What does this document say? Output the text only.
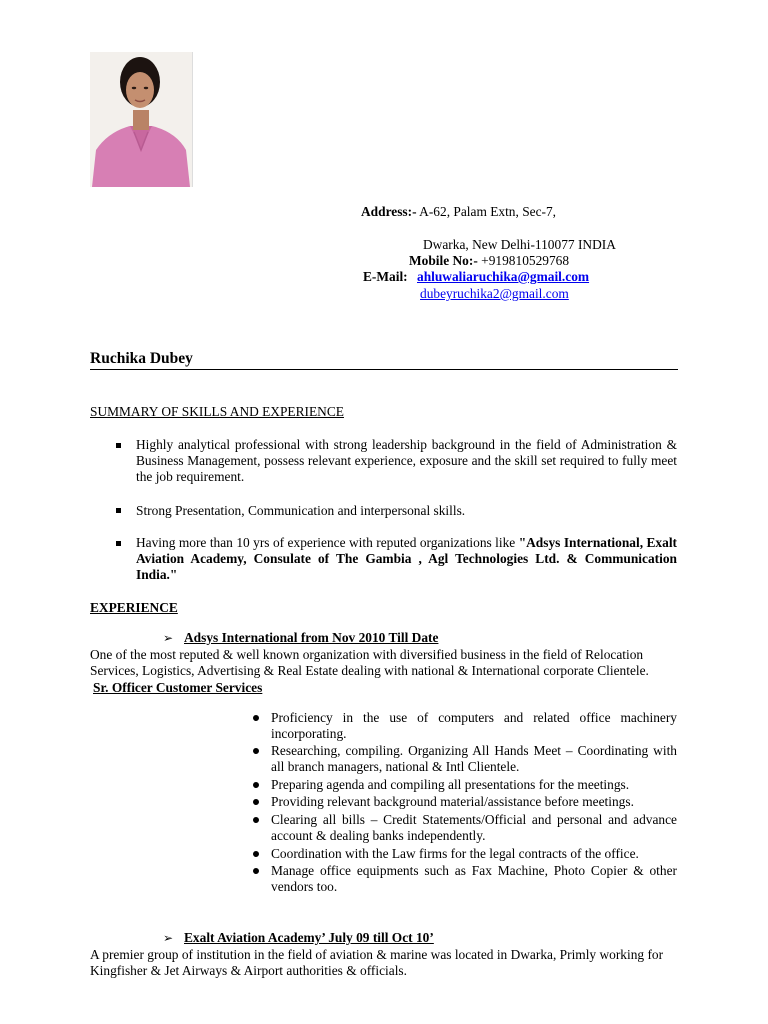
Address:- A-62, Palam Extn, Sec-7,
Dwarka, New Delhi-110077 INDIA
Mobile No:- +919810529768
E-Mail: ahluwaliaruchika@gmail.com
dubeyruchika2@gmail.com
Ruchika Dubey
SUMMARY OF SKILLS AND EXPERIENCE
Highly analytical professional with strong leadership background in the field of Administration & Business Management, possess relevant experience, exposure and the skill set required to fully meet the job requirement.
Strong Presentation, Communication and interpersonal skills.
Having more than 10 yrs of experience with reputed organizations like "Adsys International, Exalt Aviation Academy, Consulate of The Gambia , Agl Technologies Ltd. & Communication India."
EXPERIENCE
➢ Adsys International from Nov 2010 Till Date
One of the most reputed & well known organization with diversified business in the field of Relocation Services, Logistics, Advertising & Real Estate dealing with national & International corporate Clientele.
Sr. Officer Customer Services
Proficiency in the use of computers and related office machinery incorporating.
Researching, compiling. Organizing All Hands Meet – Coordinating with all branch managers, national & Intl Clientele.
Preparing agenda and compiling all presentations for the meetings.
Providing relevant background material/assistance before meetings.
Clearing all bills – Credit Statements/Official and personal and advance account & dealing banks independently.
Coordination with the Law firms for the legal contracts of the office.
Manage office equipments such as Fax Machine, Photo Copier & other vendors too.
➢ Exalt Aviation Academy’ July 09 till Oct 10’
A premier group of institution in the field of aviation & marine was located in Dwarka, Primly working for Kingfisher & Jet Airways & Airport authorities & officials.
